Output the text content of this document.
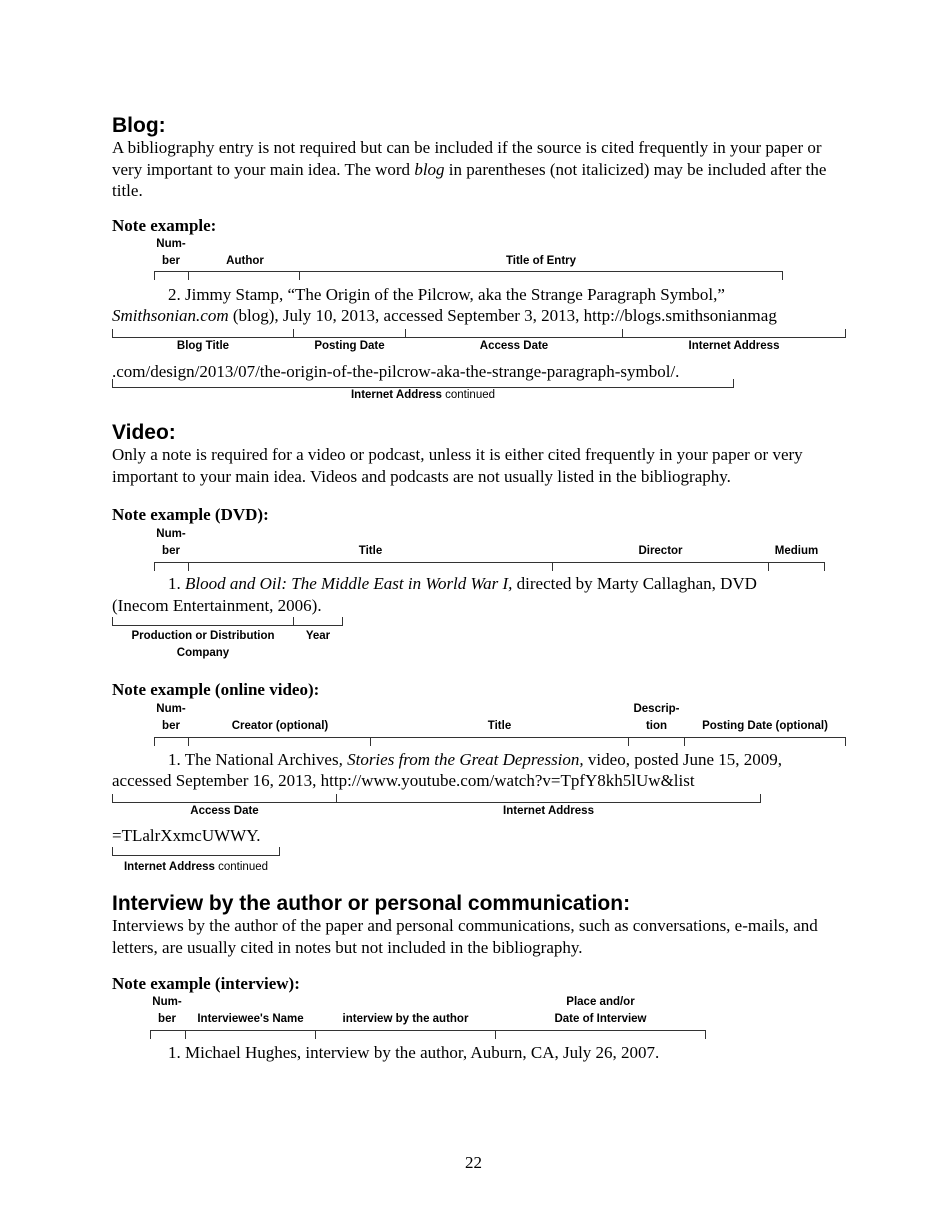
Blog:
A bibliography entry is not required but can be included if the source is cited frequently in your paper or very important to your main idea. The word blog in parentheses (not italicized) may be included after the title.
Note example:
Num-
ber	Author	Title of Entry
2. Jimmy Stamp, “The Origin of the Pilcrow, aka the Strange Paragraph Symbol,”
Smithsonian.com (blog), July 10, 2013, accessed September 3, 2013, http://blogs.smithsonianmag
Blog Title	Posting Date	Access Date	Internet Address
.com/design/2013/07/the-origin-of-the-pilcrow-aka-the-strange-paragraph-symbol/.
Internet Address continued
Video:
Only a note is required for a video or podcast, unless it is either cited frequently in your paper or very important to your main idea. Videos and podcasts are not usually listed in the bibliography.
Note example (DVD):
Num-
ber	Title	Director	Medium
1. Blood and Oil: The Middle East in World War I, directed by Marty Callaghan, DVD
(Inecom Entertainment, 2006).
Production or Distribution
Company
Year
Note example (online video):
Num-
ber	Creator (optional)	Title
Descrip-
tion	Posting Date (optional)
1. The National Archives, Stories from the Great Depression, video, posted June 15, 2009,
accessed September 16, 2013, http://www.youtube.com/watch?v=TpfY8kh5lUw&list
Access Date	Internet Address
=TLalrXxmcUWWY.
Internet Address continued
Interview by the author or personal communication:
Interviews by the author of the paper and personal communications, such as conversations, e-mails, and letters, are usually cited in notes but not included in the bibliography.
Note example (interview):
Num-
ber	Interviewee's Name	interview by the author
Place and/or
Date of Interview
1. Michael Hughes, interview by the author, Auburn, CA, July 26, 2007.
22
